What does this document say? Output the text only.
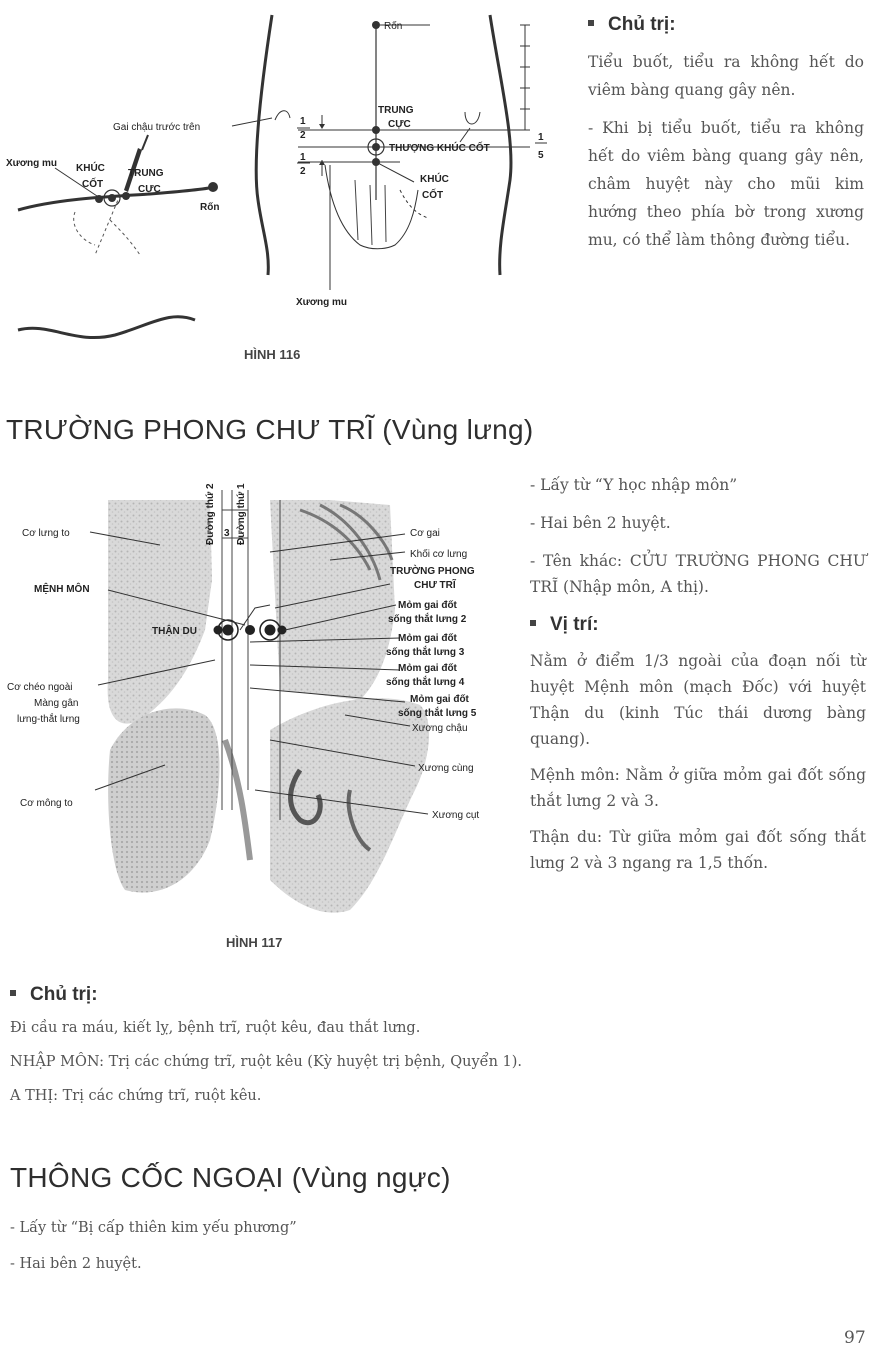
Rốn
TRUNG
CỰC
THƯỢNG KHÚC CỐT
KHÚC
CỐT
Gai chậu trước trên
1
2
1
2
1
5
Xương mu
Xương mu KHÚC
CỐT
TRUNG
CỰC
Rốn
HÌNH 116
Chủ trị:

Tiểu buốt, tiểu ra không hết do viêm bàng quang gây nên.

- Khi bị tiểu buốt, tiểu ra không hết do viêm bàng quang gây nên, châm huyệt này cho mũi kim hướng theo phía bờ trong xương mu, có thể làm thông đường tiểu.

TRƯỜNG PHONG CHƯ TRĨ (Vùng lưng)
3
Đường thứ 2 Đường thứ 1
Cơ lưng to
MỆNH MÔN
THẬN DU
Cơ chéo ngoài
Màng gân
lưng-thắt lưng
Cơ mông to
Cơ gai
Khối cơ lưng
TRƯỜNG PHONG
CHƯ TRĨ
Mỏm gai đốt
sống thắt lưng 2
Mỏm gai đốt
sống thắt lưng 3
Mỏm gai đốt
sống thắt lưng 4
Mỏm gai đốt
sống thắt lưng 5
Xương chậu
Xương cùng
Xương cụt
HÌNH 117

- Lấy từ “Y học nhập môn”

- Hai bên 2 huyệt.

- Tên khác: CỬU TRƯỜNG PHONG CHƯ TRĨ (Nhập môn, A thị).

Vị trí:

Nằm ở điểm 1/3 ngoài của đoạn nối từ huyệt Mệnh môn (mạch Đốc) với huyệt Thận du (kinh Túc thái dương bàng quang).

Mệnh môn: Nằm ở giữa mỏm gai đốt sống thắt lưng 2 và 3.

Thận du: Từ giữa mỏm gai đốt sống thắt lưng 2 và 3 ngang ra 1,5 thốn.

Chủ trị:
Đi cầu ra máu, kiết lỵ, bệnh trĩ, ruột kêu, đau thắt lưng.
NHẬP MÔN: Trị các chứng trĩ, ruột kêu (Kỳ huyệt trị bệnh, Quyển 1).
A THỊ: Trị các chứng trĩ, ruột kêu.
THÔNG CỐC NGOẠI (Vùng ngực)
- Lấy từ “Bị cấp thiên kim yếu phương”
- Hai bên 2 huyệt.
97
